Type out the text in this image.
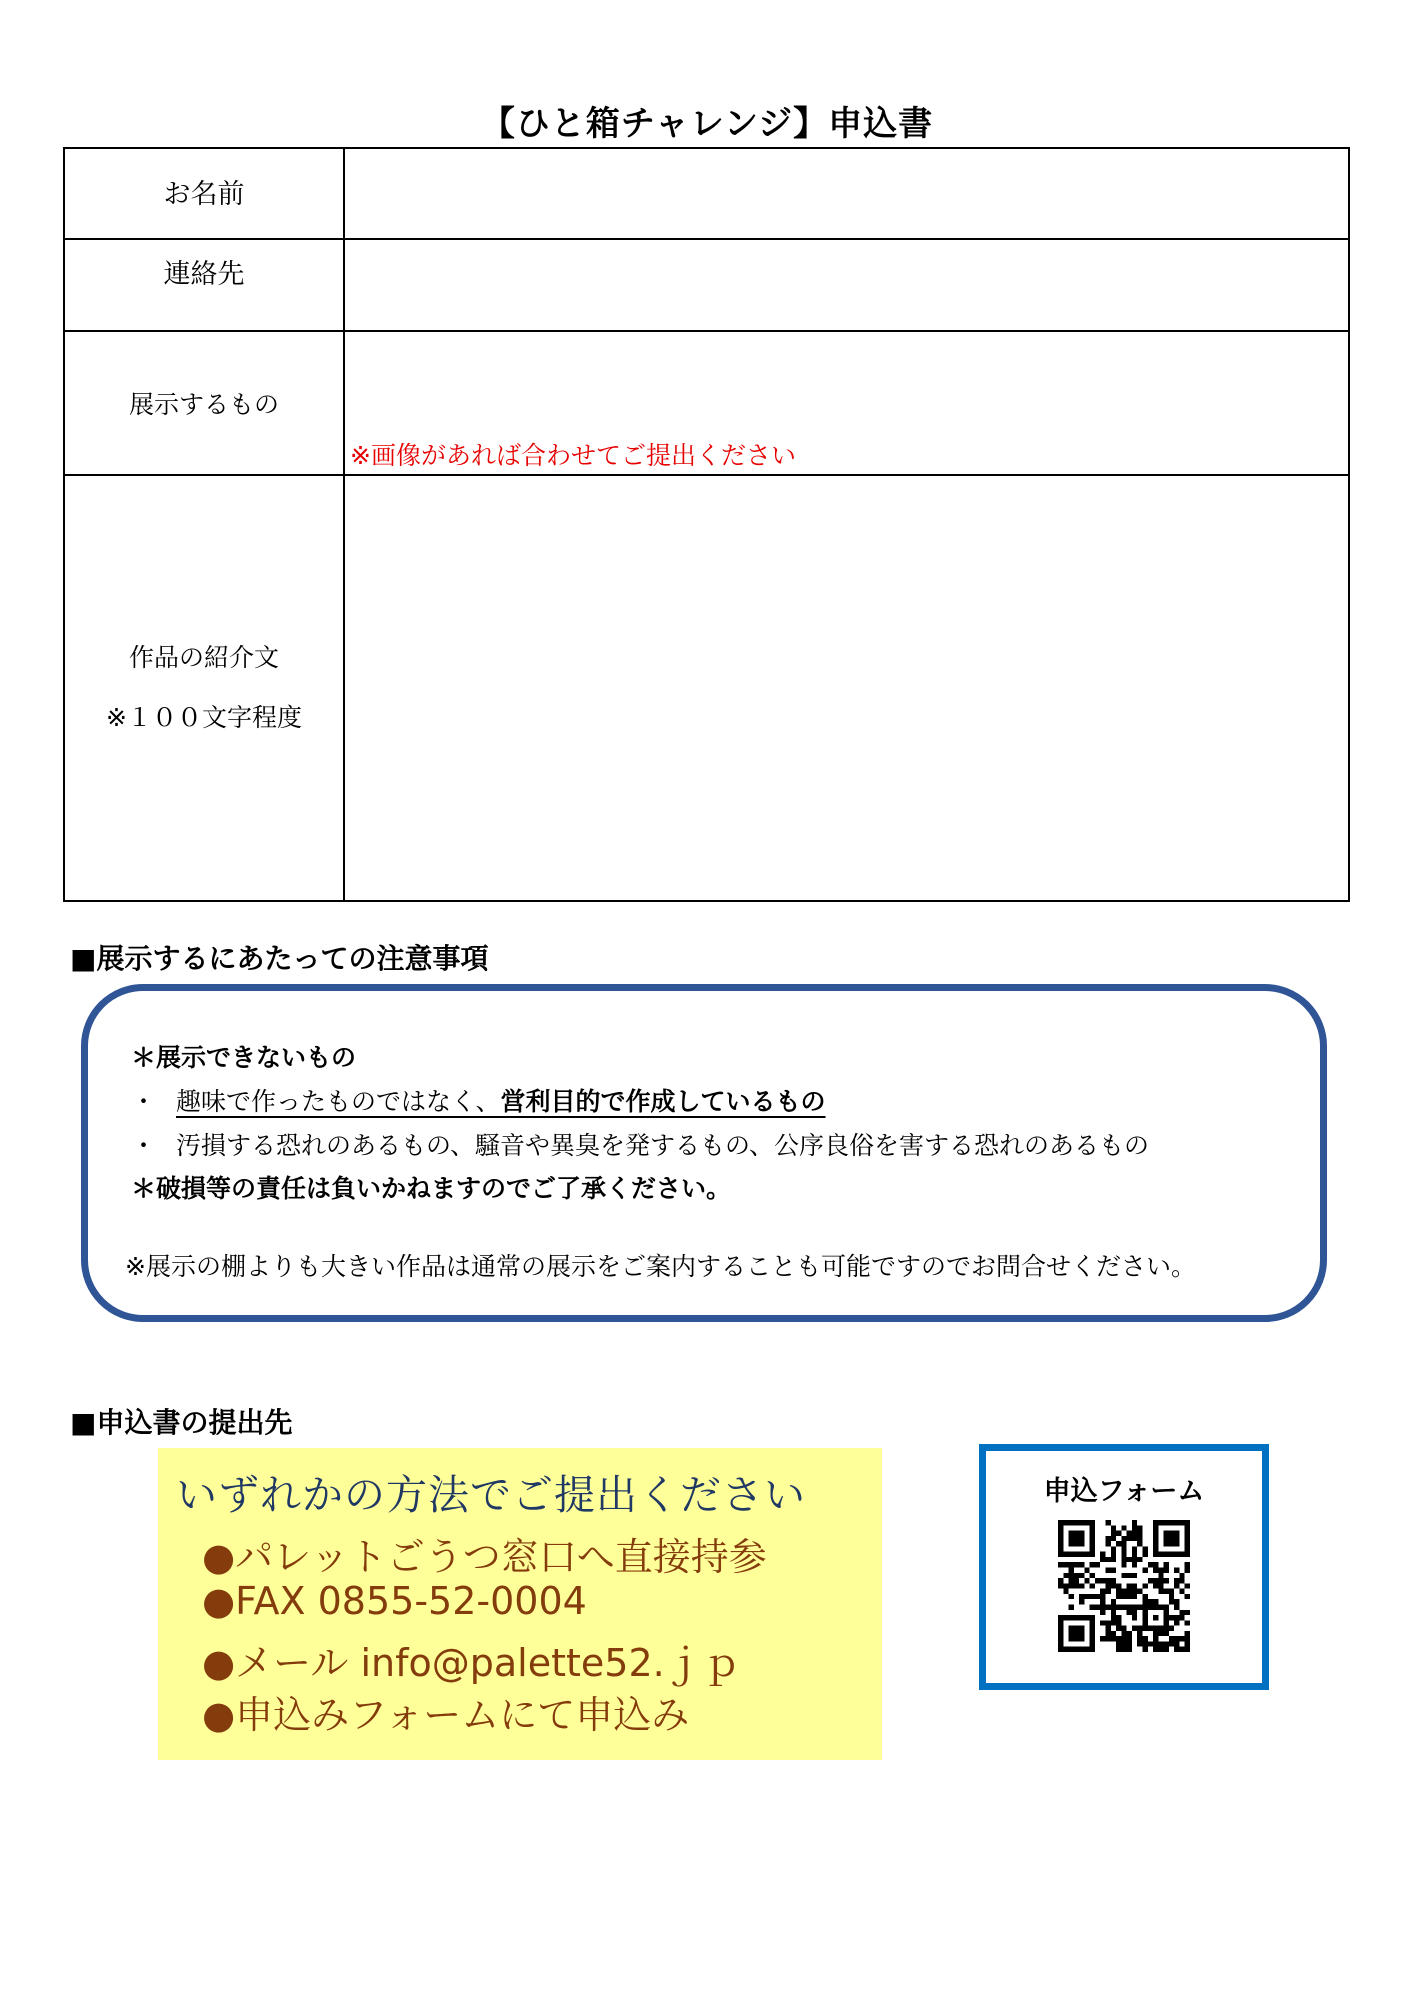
【ひと箱チャレンジ】申込書
お名前	
連絡先	
展示するもの	※画像があれば合わせてご提出ください

作品の紹介文
※１００文字程度	

■展示するにあたっての注意事項
＊展示できないもの
・ 趣味で作ったものではなく、営利目的で作成しているもの
・ 汚損する恐れのあるもの、騒音や異臭を発するもの、公序良俗を害する恐れのあるもの
＊破損等の責任は負いかねますのでご了承ください。
※展示の棚よりも大きい作品は通常の展示をご案内することも可能ですのでお問合せください。
■申込書の提出先
いずれかの方法でご提出ください
●パレットごうつ窓口へ直接持参
●FAX 0855-52-0004
●メール info@palette52.ｊｐ
●申込みフォームにて申込み
申込フォーム
